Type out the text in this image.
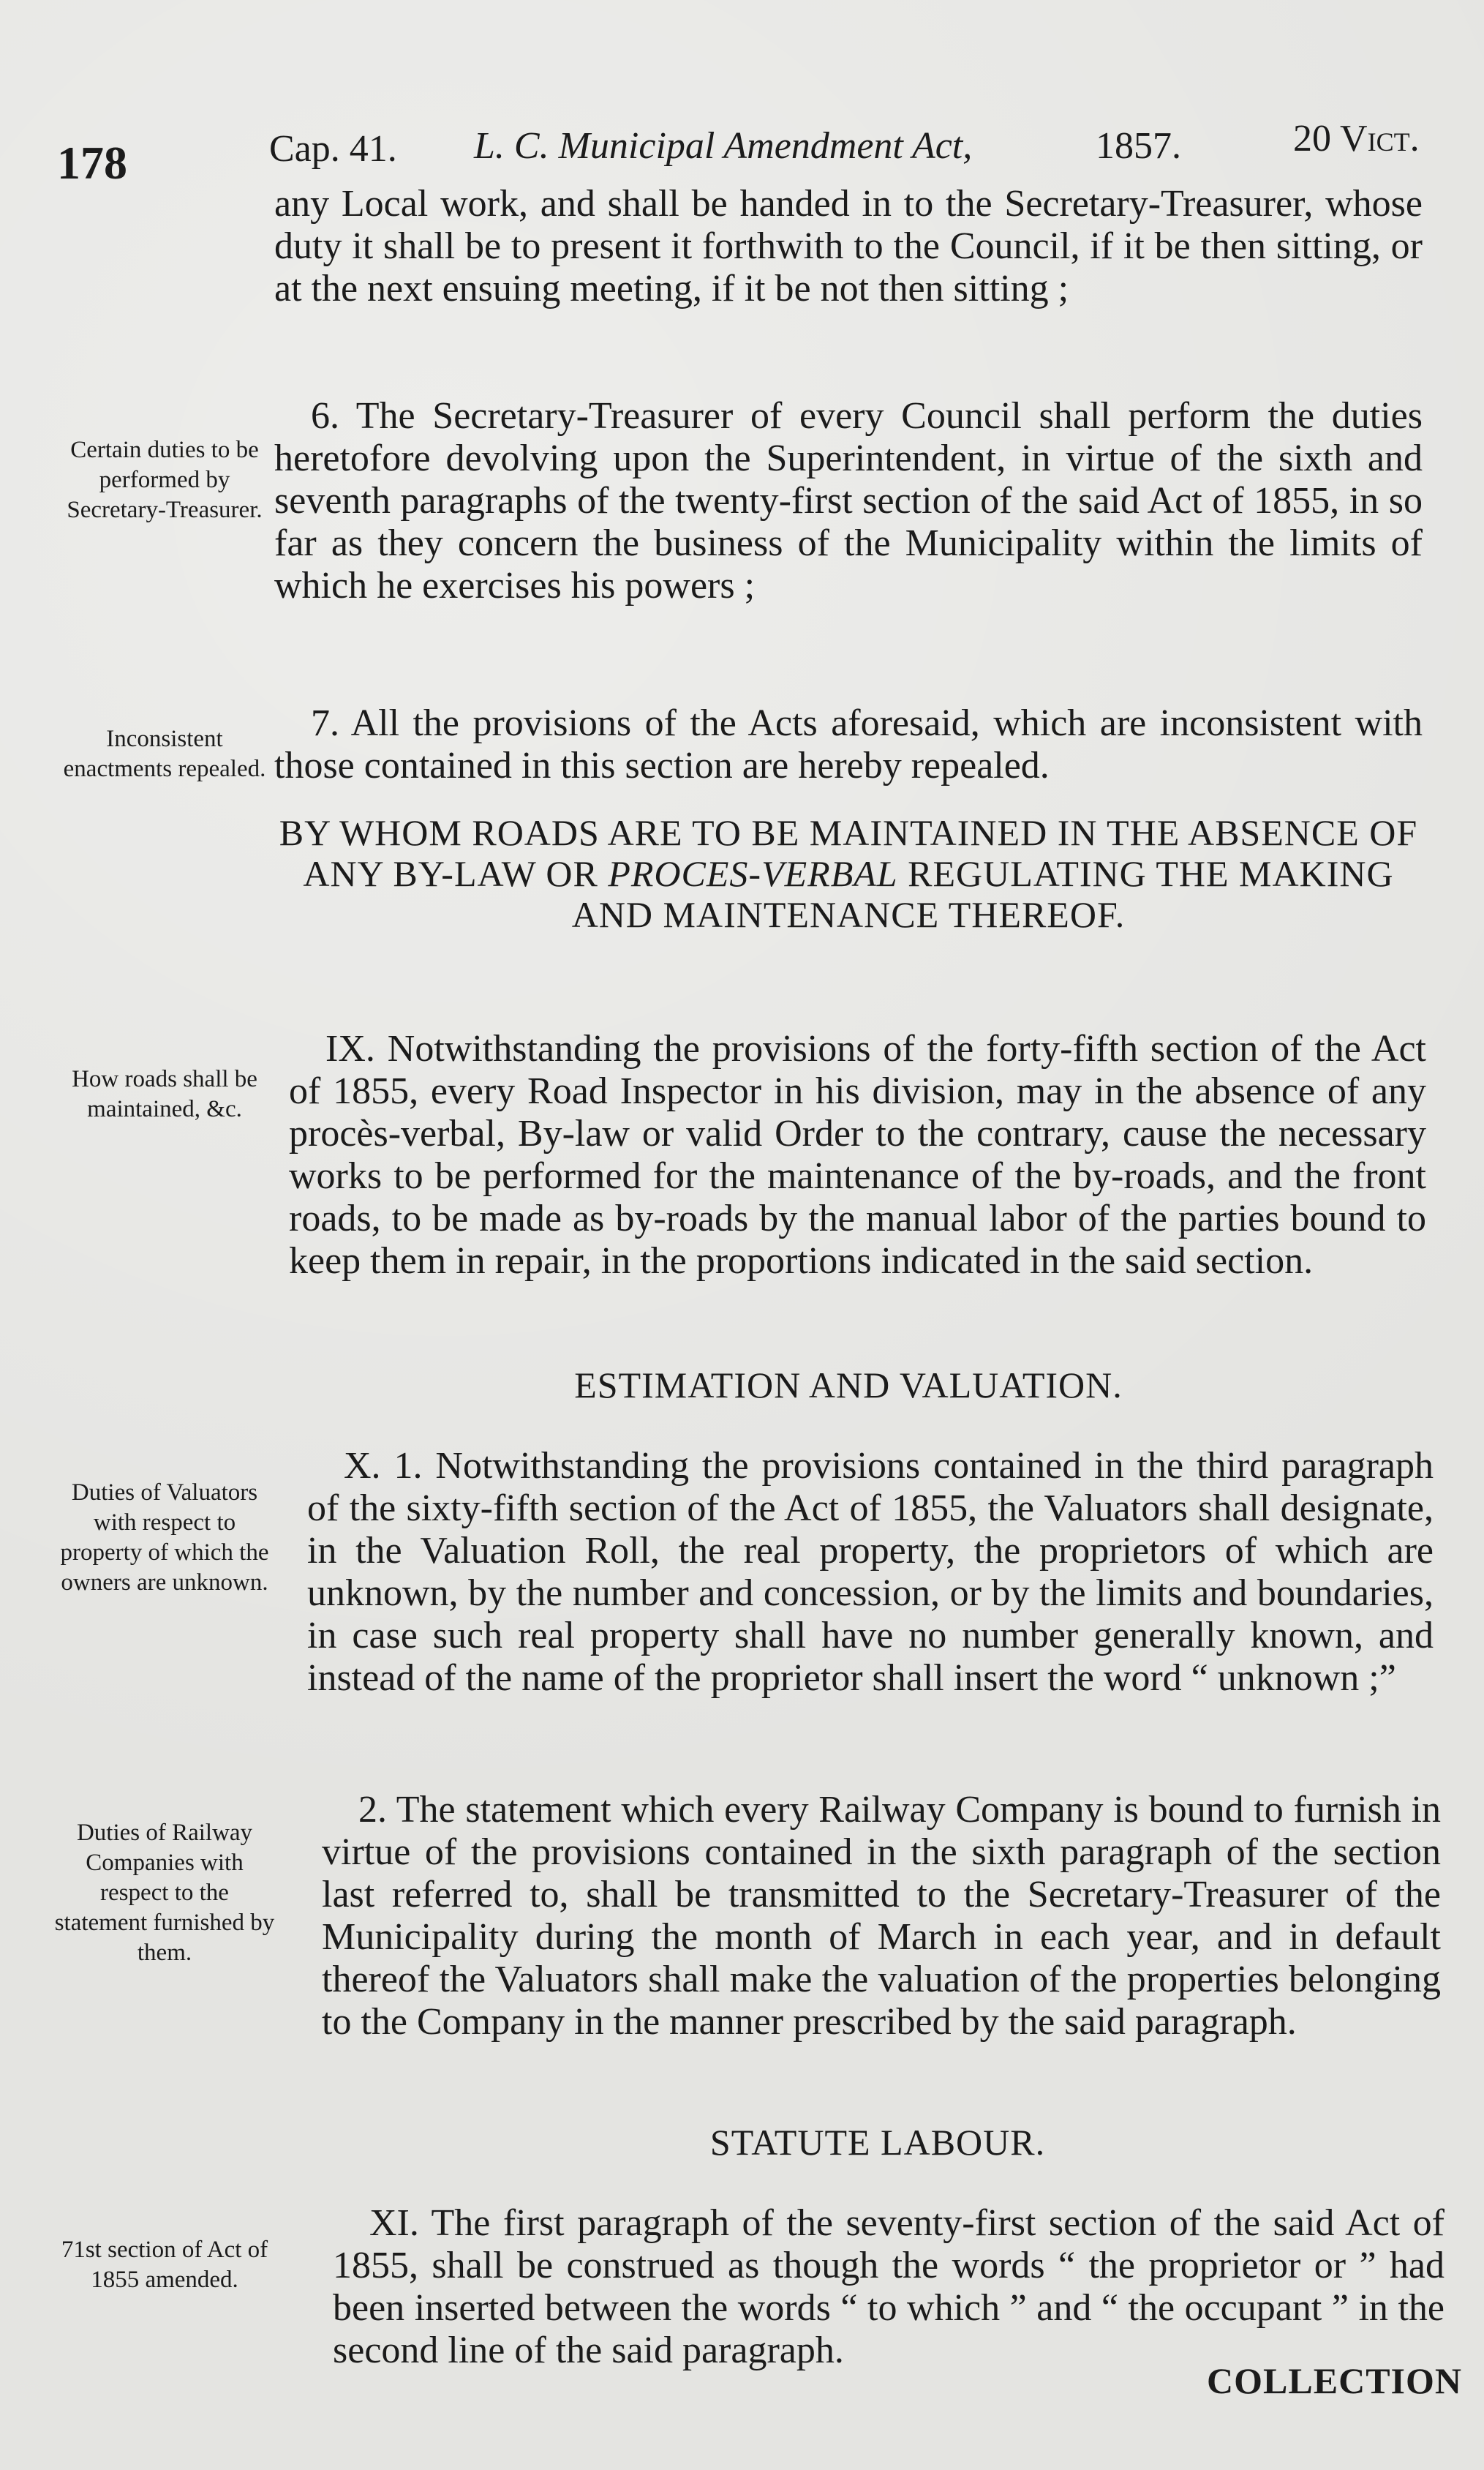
178	Cap. 41. L. C. Municipal Amendment Act,	1857.	20 Vict.

any Local work, and shall be handed in to the Secretary-Treasurer, whose duty it shall be to present it forthwith to the Council, if it be then sitting, or at the next ensuing meeting, if it be not then sitting ;

Certain duties to be performed by Secretary-Treasurer.

6. The Secretary-Treasurer of every Council shall perform the duties heretofore devolving upon the Superintendent, in virtue of the sixth and seventh paragraphs of the twenty-first section of the said Act of 1855, in so far as they concern the business of the Municipality within the limits of which he exercises his powers ;

Inconsistent enactments repealed.

7. All the provisions of the Acts aforesaid, which are inconsistent with those contained in this section are hereby repealed.

BY WHOM ROADS ARE TO BE MAINTAINED IN THE ABSENCE OF ANY BY-LAW OR PROCES-VERBAL REGULATING THE MAKING AND MAINTENANCE THEREOF.
How roads shall be maintained, &c.

IX. Notwithstanding the provisions of the forty-fifth section of the Act of 1855, every Road Inspector in his division, may in the absence of any procès-verbal, By-law or valid Order to the contrary, cause the necessary works to be performed for the maintenance of the by-roads, and the front roads, to be made as by-roads by the manual labor of the parties bound to keep them in repair, in the proportions indicated in the said section.

ESTIMATION AND VALUATION.
Duties of Valuators with respect to property of which the owners are unknown.

X. 1. Notwithstanding the provisions contained in the third paragraph of the sixty-fifth section of the Act of 1855, the Valuators shall designate, in the Valuation Roll, the real property, the proprietors of which are unknown, by the number and concession, or by the limits and boundaries, in case such real property shall have no number generally known, and instead of the name of the proprietor shall insert the word “ unknown ;”

Duties of Railway Companies with respect to the statement furnished by them.

2. The statement which every Railway Company is bound to furnish in virtue of the provisions contained in the sixth paragraph of the section last referred to, shall be transmitted to the Secretary-Treasurer of the Municipality during the month of March in each year, and in default thereof the Valuators shall make the valuation of the properties belonging to the Company in the manner prescribed by the said paragraph.

STATUTE LABOUR.
71st section of Act of 1855 amended.

XI. The first paragraph of the seventy-first section of the said Act of 1855, shall be construed as though the words “ the proprietor or ” had been inserted between the words “ to which ” and “ the occupant ” in the second line of the said paragraph.

COLLECTION
